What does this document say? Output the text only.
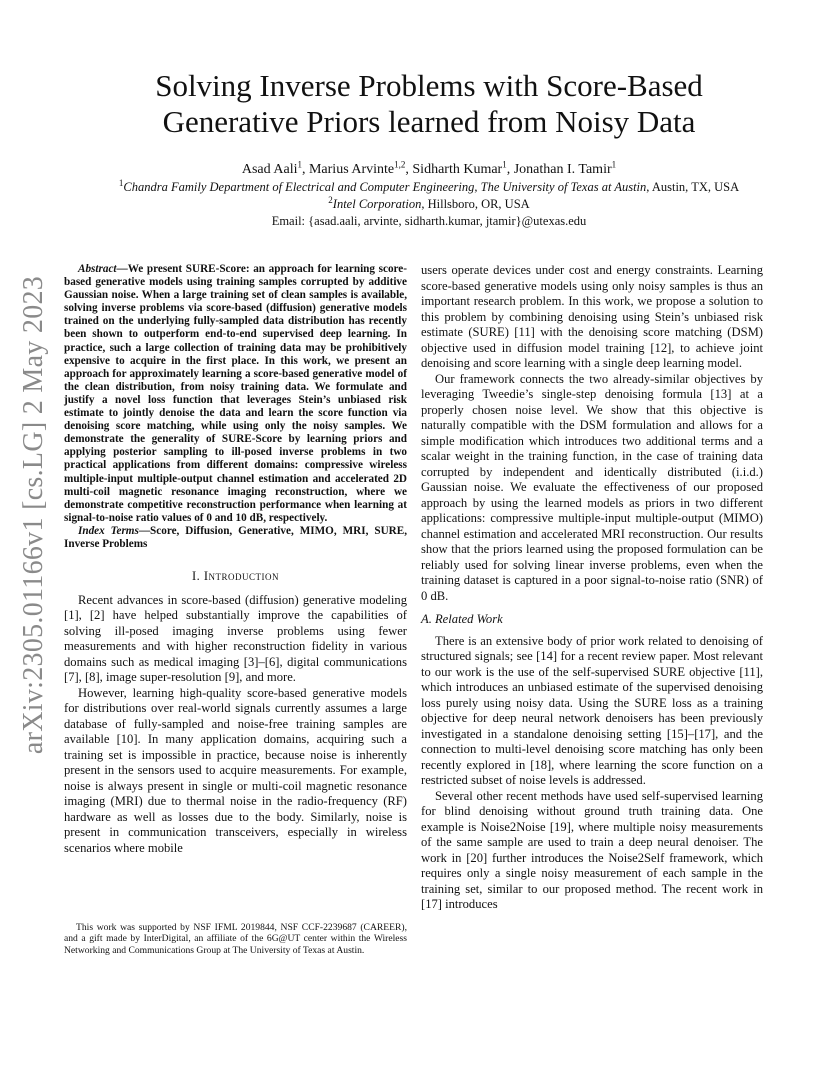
arXiv:2305.01166v1 [cs.LG] 2 May 2023
Solving Inverse Problems with Score-Based
Generative Priors learned from Noisy Data
Asad Aali$^1$, Marius Arvinte$^{1,2}$, Sidharth Kumar$^1$, Jonathan I. Tamir$^1$
$^1$Chandra Family Department of Electrical and Computer Engineering, The University of Texas at Austin, Austin, TX, USA
$^2$Intel Corporation, Hillsboro, OR, USA
Email: {asad.aali, arvinte, sidharth.kumar, jtamir}@utexas.edu

Abstract—We present SURE-Score: an approach for learning score-based generative models using training samples corrupted by additive Gaussian noise. When a large training set of clean samples is available, solving inverse problems via score-based (diffusion) generative models trained on the underlying fully-sampled data distribution has recently been shown to outperform end-to-end supervised deep learning. In practice, such a large collection of training data may be prohibitively expensive to acquire in the first place. In this work, we present an approach for approximately learning a score-based generative model of the clean distribution, from noisy training data. We formulate and justify a novel loss function that leverages Stein’s unbiased risk estimate to jointly denoise the data and learn the score function via denoising score matching, while using only the noisy samples. We demonstrate the generality of SURE-Score by learning priors and applying posterior sampling to ill-posed inverse problems in two practical applications from different domains: compressive wireless multiple-input multiple-output channel estimation and accelerated 2D multi-coil magnetic resonance imaging reconstruction, where we demonstrate competitive reconstruction performance when learning at signal-to-noise ratio values of 0 and 10 dB, respectively.

Index Terms—Score, Diffusion, Generative, MIMO, MRI, SURE, Inverse Problems

I. Introduction

Recent advances in score-based (diffusion) generative modeling [1], [2] have helped substantially improve the capabilities of solving ill-posed imaging inverse problems using fewer measurements and with higher reconstruction fidelity in various domains such as medical imaging [3]–[6], digital communications [7], [8], image super-resolution [9], and more.

However, learning high-quality score-based generative models for distributions over real-world signals currently assumes a large database of fully-sampled and noise-free training samples are available [10]. In many application domains, acquiring such a training set is impossible in practice, because noise is inherently present in the sensors used to acquire measurements. For example, noise is always present in single or multi-coil magnetic resonance imaging (MRI) due to thermal noise in the radio-frequency (RF) hardware as well as losses due to the body. Similarly, noise is present in communication transceivers, especially in wireless scenarios where mobile

This work was supported by NSF IFML 2019844, NSF CCF-2239687 (CAREER), and a gift made by InterDigital, an affiliate of the 6G@UT center within the Wireless Networking and Communications Group at The University of Texas at Austin.

users operate devices under cost and energy constraints. Learning score-based generative models using only noisy samples is thus an important research problem. In this work, we propose a solution to this problem by combining denoising using Stein’s unbiased risk estimate (SURE) [11] with the denoising score matching (DSM) objective used in diffusion model training [12], to achieve joint denoising and score learning with a single deep learning model.

Our framework connects the two already-similar objectives by leveraging Tweedie’s single-step denoising formula [13] at a properly chosen noise level. We show that this objective is naturally compatible with the DSM formulation and allows for a simple modification which introduces two additional terms and a scalar weight in the training function, in the case of training data corrupted by independent and identically distributed (i.i.d.) Gaussian noise. We evaluate the effectiveness of our proposed approach by using the learned models as priors in two different applications: compressive multiple-input multiple-output (MIMO) channel estimation and accelerated MRI reconstruction. Our results show that the priors learned using the proposed formulation can be reliably used for solving linear inverse problems, even when the training dataset is captured in a poor signal-to-noise ratio (SNR) of 0 dB.

A. Related Work

There is an extensive body of prior work related to denoising of structured signals; see [14] for a recent review paper. Most relevant to our work is the use of the self-supervised SURE objective [11], which introduces an unbiased estimate of the supervised denoising loss purely using noisy data. Using the SURE loss as a training objective for deep neural network denoisers has been previously investigated in a standalone denoising setting [15]–[17], and the connection to multi-level denoising score matching has only been recently explored in [18], where learning the score function on a restricted subset of noise levels is addressed.

Several other recent methods have used self-supervised learning for blind denoising without ground truth training data. One example is Noise2Noise [19], where multiple noisy measurements of the same sample are used to train a deep neural denoiser. The work in [20] further introduces the Noise2Self framework, which requires only a single noisy measurement of each sample in the training set, similar to our proposed method. The recent work in [17] introduces
